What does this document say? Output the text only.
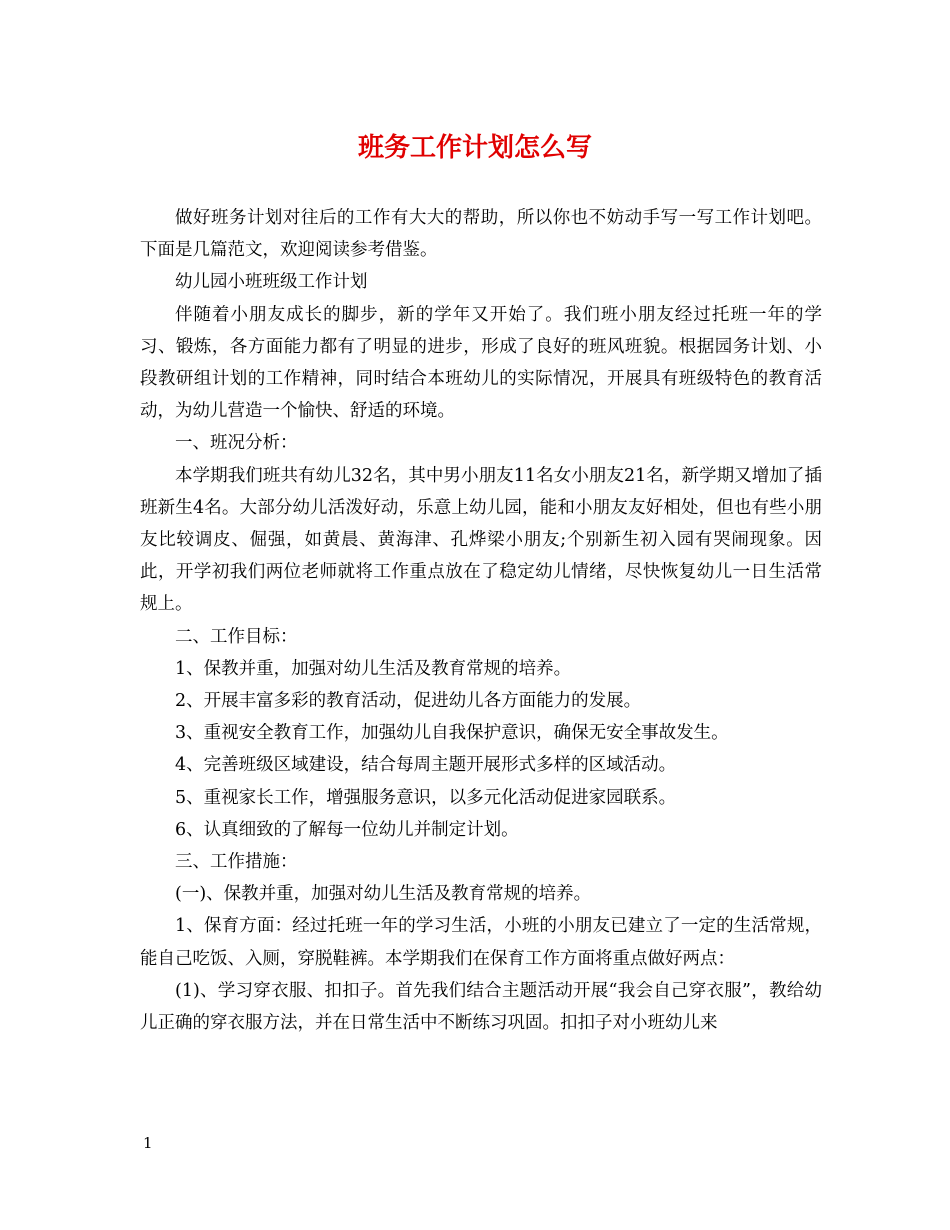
班务工作计划怎么写

做好班务计划对往后的工作有大大的帮助，所以你也不妨动手写一写工作计划吧。下面是几篇范文，欢迎阅读参考借鉴。

幼儿园小班班级工作计划

伴随着小朋友成长的脚步，新的学年又开始了。我们班小朋友经过托班一年的学习、锻炼，各方面能力都有了明显的进步，形成了良好的班风班貌。根据园务计划、小段教研组计划的工作精神，同时结合本班幼儿的实际情况，开展具有班级特色的教育活动，为幼儿营造一个愉快、舒适的环境。

一、班况分析：

本学期我们班共有幼儿32名，其中男小朋友11名女小朋友21名，新学期又增加了插班新生4名。大部分幼儿活泼好动，乐意上幼儿园，能和小朋友友好相处，但也有些小朋友比较调皮、倔强，如黄晨、黄海津、孔烨梁小朋友;个别新生初入园有哭闹现象。因此，开学初我们两位老师就将工作重点放在了稳定幼儿情绪，尽快恢复幼儿一日生活常规上。

二、工作目标：

1、保教并重，加强对幼儿生活及教育常规的培养。

2、开展丰富多彩的教育活动，促进幼儿各方面能力的发展。

3、重视安全教育工作，加强幼儿自我保护意识，确保无安全事故发生。

4、完善班级区域建设，结合每周主题开展形式多样的区域活动。

5、重视家长工作，增强服务意识，以多元化活动促进家园联系。

6、认真细致的了解每一位幼儿并制定计划。

三、工作措施：

(一)、保教并重，加强对幼儿生活及教育常规的培养。

1、保育方面：经过托班一年的学习生活，小班的小朋友已建立了一定的生活常规，能自己吃饭、入厕，穿脱鞋裤。本学期我们在保育工作方面将重点做好两点：

(1)、学习穿衣服、扣扣子。首先我们结合主题活动开展“我会自己穿衣服”，教给幼儿正确的穿衣服方法，并在日常生活中不断练习巩固。扣扣子对小班幼儿来

1
